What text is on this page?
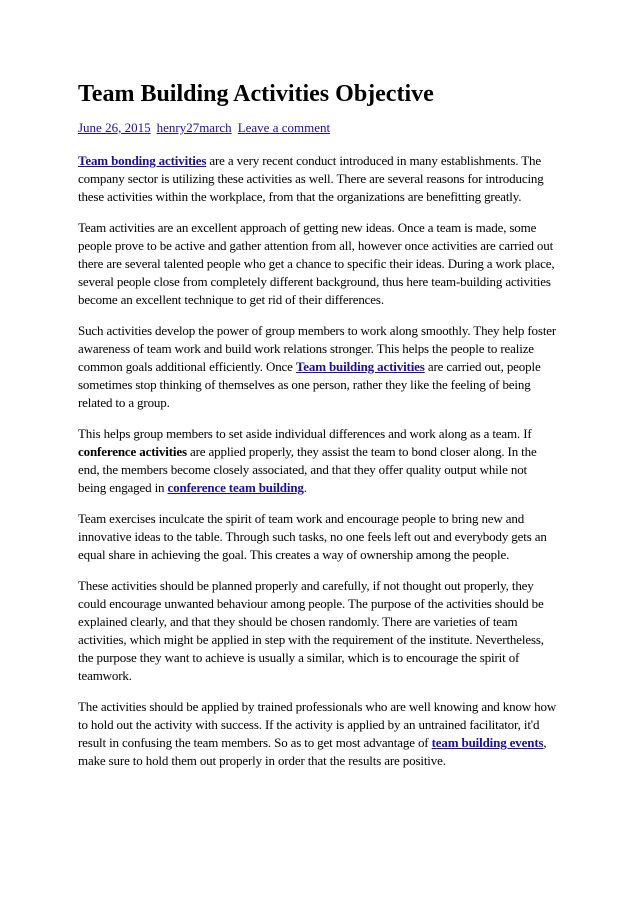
Team Building Activities Objective
June 26, 2015 henry27march Leave a comment

Team bonding activities are a very recent conduct introduced in many establishments. The company sector is utilizing these activities as well. There are several reasons for introducing these activities within the workplace, from that the organizations are benefitting greatly.

Team activities are an excellent approach of getting new ideas. Once a team is made, some people prove to be active and gather attention from all, however once activities are carried out there are several talented people who get a chance to specific their ideas. During a work place, several people close from completely different background, thus here team-building activities become an excellent technique to get rid of their differences.

Such activities develop the power of group members to work along smoothly. They help foster awareness of team work and build work relations stronger. This helps the people to realize common goals additional efficiently. Once Team building activities are carried out, people sometimes stop thinking of themselves as one person, rather they like the feeling of being related to a group.

This helps group members to set aside individual differences and work along as a team. If conference activities are applied properly, they assist the team to bond closer along. In the end, the members become closely associated, and that they offer quality output while not being engaged in conference team building.

Team exercises inculcate the spirit of team work and encourage people to bring new and innovative ideas to the table. Through such tasks, no one feels left out and everybody gets an equal share in achieving the goal. This creates a way of ownership among the people.

These activities should be planned properly and carefully, if not thought out properly, they could encourage unwanted behaviour among people. The purpose of the activities should be explained clearly, and that they should be chosen randomly. There are varieties of team activities, which might be applied in step with the requirement of the institute. Nevertheless, the purpose they want to achieve is usually a similar, which is to encourage the spirit of teamwork.

The activities should be applied by trained professionals who are well knowing and know how to hold out the activity with success. If the activity is applied by an untrained facilitator, it'd result in confusing the team members. So as to get most advantage of team building events, make sure to hold them out properly in order that the results are positive.
